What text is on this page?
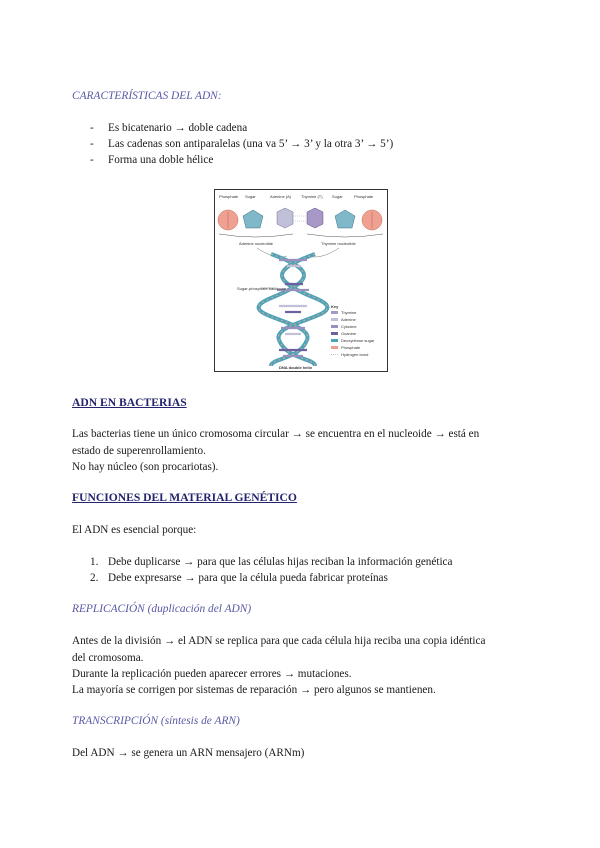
CARACTERÍSTICAS DEL ADN:
- Es bicatenario → doble cadena
- Las cadenas son antiparalelas (una va 5’ → 3’ y la otra 3’ → 5’)
- Forma una doble hélice
Phosphate Sugar	Adenine (A) Thymine (T) Sugar	Phosphate
Adenine nucleotide	Thymine nucleotide
Sugar-phosphate backbone
Key
Thymine
Adenine
Cytosine
Guanine
Deoxyribose sugar
Phosphate
Hydrogen bond
DNA double helix
ADN EN BACTERIAS
Las bacterias tiene un único cromosoma circular → se encuentra en el nucleoide → está en
estado de superenrollamiento.
No hay núcleo (son procariotas).
FUNCIONES DEL MATERIAL GENÉTICO
El ADN es esencial porque:
1. Debe duplicarse → para que las células hijas reciban la información genética
2. Debe expresarse → para que la célula pueda fabricar proteínas
REPLICACIÓN (duplicación del ADN)
Antes de la división → el ADN se replica para que cada célula hija reciba una copia idéntica
del cromosoma.
Durante la replicación pueden aparecer errores → mutaciones.
La mayoría se corrigen por sistemas de reparación → pero algunos se mantienen.
TRANSCRIPCIÓN (síntesis de ARN)
Del ADN → se genera un ARN mensajero (ARNm)
